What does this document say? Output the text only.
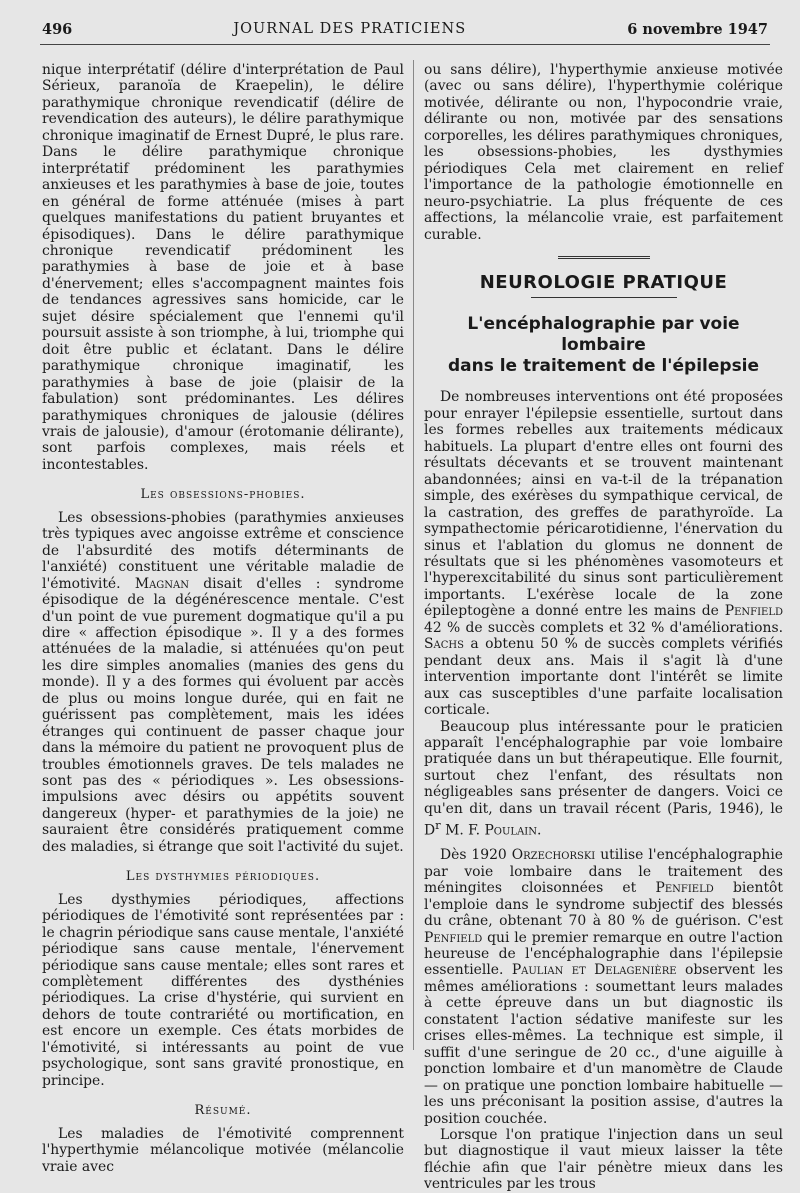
496	JOURNAL DES PRATICIENS	6 novembre 1947

nique interprétatif (délire d'interprétation de Paul Sérieux, paranoïa de Kraepelin), le délire parathymique chronique revendicatif (délire de revendication des auteurs), le délire parathymique chronique imaginatif de Ernest Dupré, le plus rare. Dans le délire parathymique chronique interprétatif prédominent les parathymies anxieuses et les parathymies à base de joie, toutes en général de forme atténuée (mises à part quelques manifestations du patient bruyantes et épisodiques). Dans le délire parathymique chronique revendicatif prédominent les parathymies à base de joie et à base d'énervement; elles s'accompagnent maintes fois de tendances agressives sans homicide, car le sujet désire spécialement que l'ennemi qu'il poursuit assiste à son triomphe, à lui, triomphe qui doit être public et éclatant. Dans le délire parathymique chronique imaginatif, les parathymies à base de joie (plaisir de la fabulation) sont prédominantes. Les délires parathymiques chroniques de jalousie (délires vrais de jalousie), d'amour (érotomanie délirante), sont parfois complexes, mais réels et incontestables.

Les obsessions-phobies.

Les obsessions-phobies (parathymies anxieuses très typiques avec angoisse extrême et conscience de l'absurdité des motifs déterminants de l'anxiété) constituent une véritable maladie de l'émotivité. Magnan disait d'elles : syndrome épisodique de la dégénérescence mentale. C'est d'un point de vue purement dogmatique qu'il a pu dire « affection épisodique ». Il y a des formes atténuées de la maladie, si atténuées qu'on peut les dire simples anomalies (manies des gens du monde). Il y a des formes qui évoluent par accès de plus ou moins longue durée, qui en fait ne guérissent pas complètement, mais les idées étranges qui continuent de passer chaque jour dans la mémoire du patient ne provoquent plus de troubles émotionnels graves. De tels malades ne sont pas des « périodiques ». Les obsessions-impulsions avec désirs ou appétits souvent dangereux (hyper- et parathymies de la joie) ne sauraient être considérés pratiquement comme des maladies, si étrange que soit l'activité du sujet.

Les dysthymies périodiques.

Les dysthymies périodiques, affections périodiques de l'émotivité sont représentées par : le chagrin périodique sans cause mentale, l'anxiété périodique sans cause mentale, l'énervement périodique sans cause mentale; elles sont rares et complètement différentes des dysthénies périodiques. La crise d'hystérie, qui survient en dehors de toute contrariété ou mortification, en est encore un exemple. Ces états morbides de l'émotivité, si intéressants au point de vue psychologique, sont sans gravité pronostique, en principe.

Résumé.

Les maladies de l'émotivité comprennent l'hyperthymie mélancolique motivée (mélancolie vraie avec

ou sans délire), l'hyperthymie anxieuse motivée (avec ou sans délire), l'hyperthymie colérique motivée, délirante ou non, l'hypocondrie vraie, délirante ou non, motivée par des sensations corporelles, les délires parathymiques chroniques, les obsessions-phobies, les dysthymies périodiques Cela met clairement en relief l'importance de la pathologie émotionnelle en neuro-psychiatrie. La plus fréquente de ces affections, la mélancolie vraie, est parfaitement curable.

NEUROLOGIE PRATIQUE
L'encéphalographie par voie lombaire
dans le traitement de l'épilepsie

De nombreuses interventions ont été proposées pour enrayer l'épilepsie essentielle, surtout dans les formes rebelles aux traitements médicaux habituels. La plupart d'entre elles ont fourni des résultats décevants et se trouvent maintenant abandonnées; ainsi en va-t-il de la trépanation simple, des exérèses du sympathique cervical, de la castration, des greffes de parathyroïde. La sympathectomie péricarotidienne, l'énervation du sinus et l'ablation du glomus ne donnent de résultats que si les phénomènes vasomoteurs et l'hyperexcitabilité du sinus sont particulièrement importants. L'exérèse locale de la zone épileptogène a donné entre les mains de Penfield 42 % de succès complets et 32 % d'améliorations. Sachs a obtenu 50 % de succès complets vérifiés pendant deux ans. Mais il s'agit là d'une intervention importante dont l'intérêt se limite aux cas susceptibles d'une parfaite localisation corticale.

Beaucoup plus intéressante pour le praticien apparaît l'encéphalographie par voie lombaire pratiquée dans un but thérapeutique. Elle fournit, surtout chez l'enfant, des résultats non négligeables sans présenter de dangers. Voici ce qu'en dit, dans un travail récent (Paris, 1946), le $D^r$ M. F. Poulain.

Dès 1920 Orzechorski utilise l'encéphalographie par voie lombaire dans le traitement des méningites cloisonnées et Penfield bientôt l'emploie dans le syndrome subjectif des blessés du crâne, obtenant 70 à 80 % de guérison. C'est Penfield qui le premier remarque en outre l'action heureuse de l'encéphalographie dans l'épilepsie essentielle. Paulian et Delagenière observent les mêmes améliorations : soumettant leurs malades à cette épreuve dans un but diagnostic ils constatent l'action sédative manifeste sur les crises elles-mêmes. La technique est simple, il suffit d'une seringue de 20 cc., d'une aiguille à ponction lombaire et d'un manomètre de Claude — on pratique une ponction lombaire habituelle — les uns préconisant la position assise, d'autres la position couchée.

Lorsque l'on pratique l'injection dans un seul but diagnostique il vaut mieux laisser la tête fléchie afin que l'air pénètre mieux dans les ventricules par les trous
